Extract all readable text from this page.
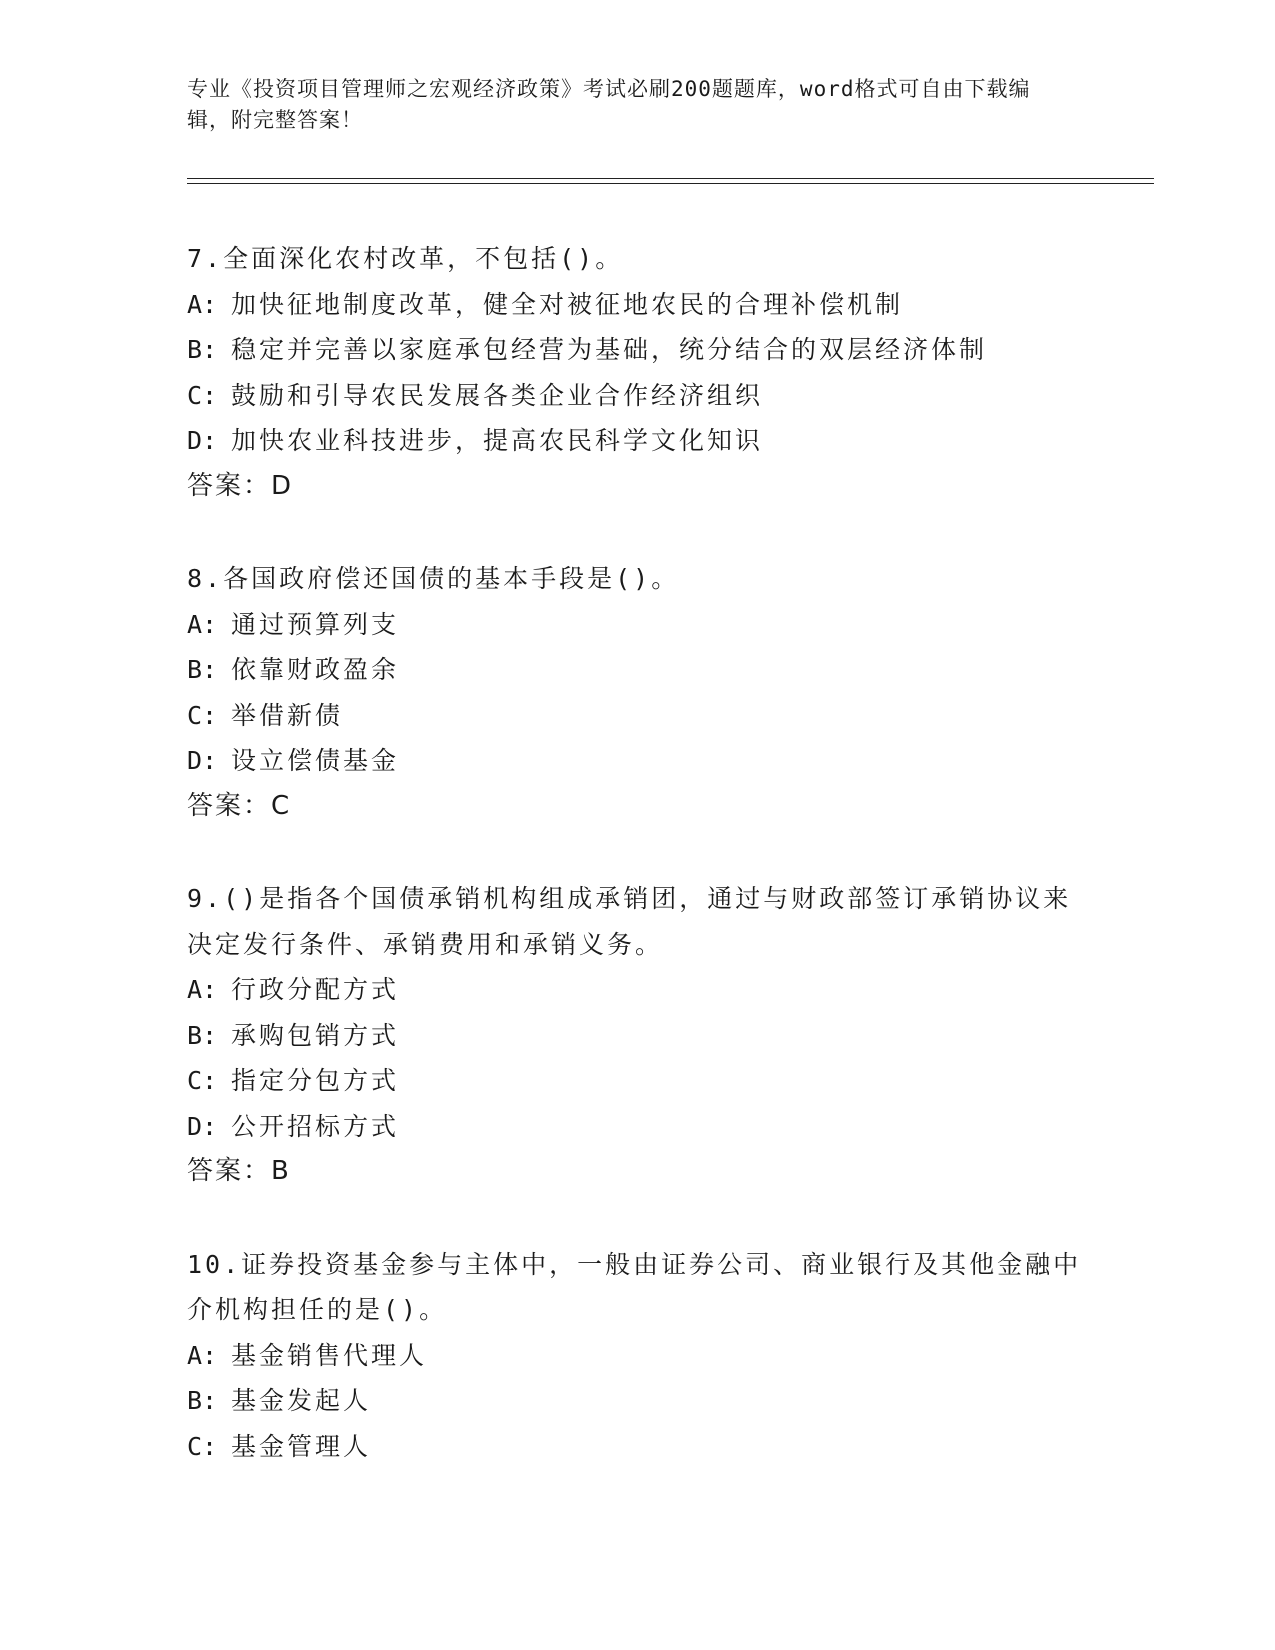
专业《投资项目管理师之宏观经济政策》考试必刷200题题库，word格式可自由下载编辑，附完整答案！

7.全面深化农村改革，不包括()。

A: 加快征地制度改革，健全对被征地农民的合理补偿机制

B: 稳定并完善以家庭承包经营为基础，统分结合的双层经济体制

C: 鼓励和引导农民发展各类企业合作经济组织

D: 加快农业科技进步，提高农民科学文化知识

答案：D

8.各国政府偿还国债的基本手段是()。

A: 通过预算列支

B: 依靠财政盈余

C: 举借新债

D: 设立偿债基金

答案：C

9.()是指各个国债承销机构组成承销团，通过与财政部签订承销协议来决定发行条件、承销费用和承销义务。

A: 行政分配方式

B: 承购包销方式

C: 指定分包方式

D: 公开招标方式

答案：B

10.证券投资基金参与主体中，一般由证券公司、商业银行及其他金融中介机构担任的是()。

A: 基金销售代理人

B: 基金发起人

C: 基金管理人
